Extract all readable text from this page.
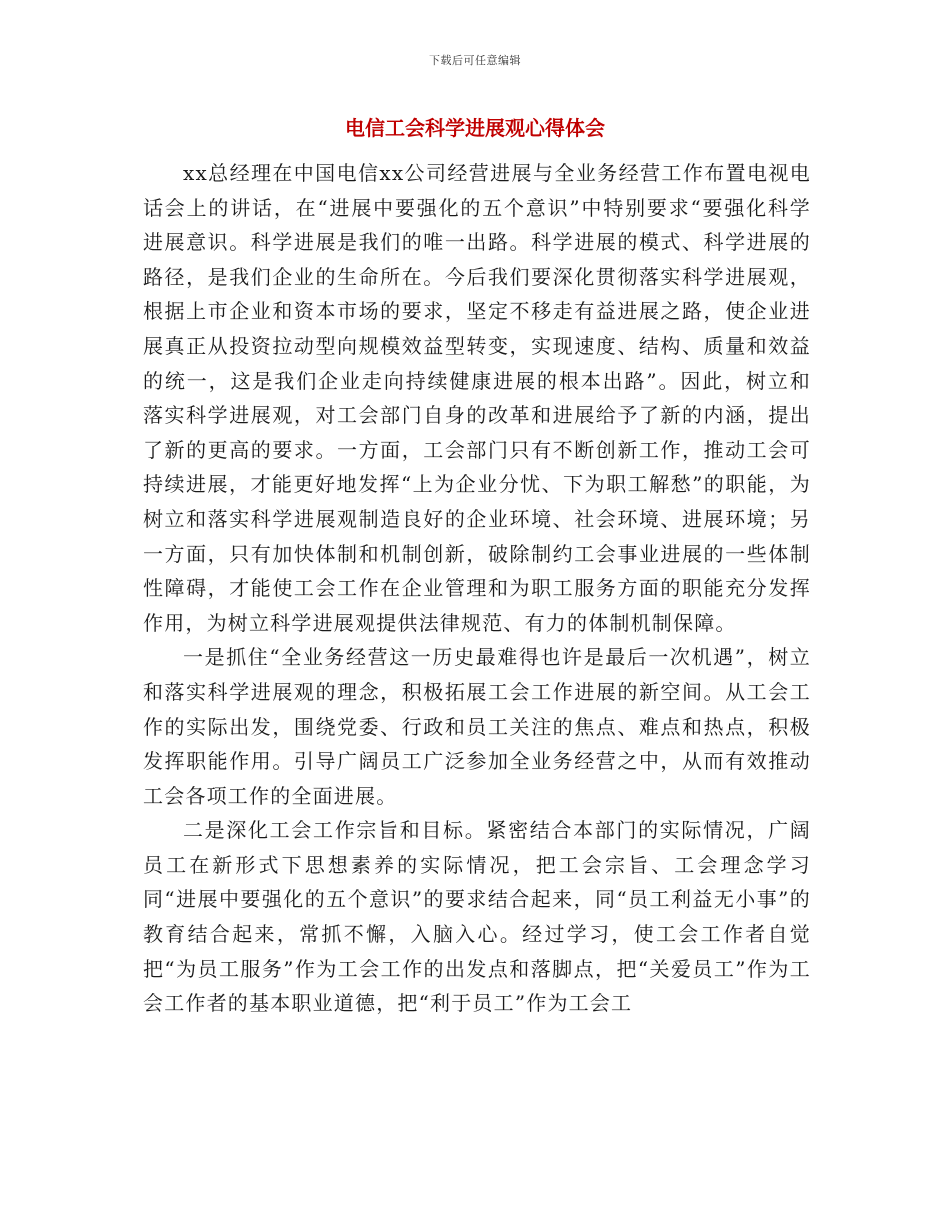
下载后可任意编辑
电信工会科学进展观心得体会

xx总经理在中国电信xx公司经营进展与全业务经营工作布置电视电话会上的讲话，在“进展中要强化的五个意识”中特别要求“要强化科学进展意识。科学进展是我们的唯一出路。科学进展的模式、科学进展的路径，是我们企业的生命所在。今后我们要深化贯彻落实科学进展观，根据上市企业和资本市场的要求，坚定不移走有益进展之路，使企业进展真正从投资拉动型向规模效益型转变，实现速度、结构、质量和效益的统一，这是我们企业走向持续健康进展的根本出路”。因此，树立和落实科学进展观，对工会部门自身的改革和进展给予了新的内涵，提出了新的更高的要求。一方面，工会部门只有不断创新工作，推动工会可持续进展，才能更好地发挥“上为企业分忧、下为职工解愁”的职能，为树立和落实科学进展观制造良好的企业环境、社会环境、进展环境；另一方面，只有加快体制和机制创新，破除制约工会事业进展的一些体制性障碍，才能使工会工作在企业管理和为职工服务方面的职能充分发挥作用，为树立科学进展观提供法律规范、有力的体制机制保障。

一是抓住“全业务经营这一历史最难得也许是最后一次机遇”，树立和落实科学进展观的理念，积极拓展工会工作进展的新空间。从工会工作的实际出发，围绕党委、行政和员工关注的焦点、难点和热点，积极发挥职能作用。引导广阔员工广泛参加全业务经营之中，从而有效推动工会各项工作的全面进展。

二是深化工会工作宗旨和目标。紧密结合本部门的实际情况，广阔员工在新形式下思想素养的实际情况，把工会宗旨、工会理念学习同“进展中要强化的五个意识”的要求结合起来，同“员工利益无小事”的教育结合起来，常抓不懈，入脑入心。经过学习，使工会工作者自觉把“为员工服务”作为工会工作的出发点和落脚点，把“关爱员工”作为工会工作者的基本职业道德，把“利于员工”作为工会工
